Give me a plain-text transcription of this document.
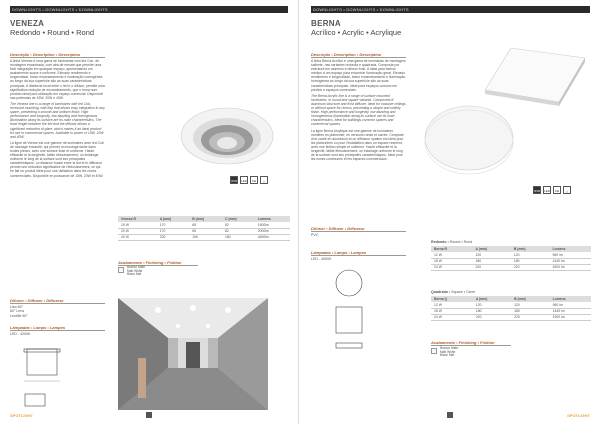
DOWNLIGHTS • DOWNLIGHTS • DOWNLIGHTS
VENEZA
Redondo • Round • Rond
Descrição • Description • Description

A linha Veneza é uma gama de luminárias com led Cob, de montagem encastrada, com aba de remate que permite uma fácil integração em qualquer espaço, apresentando um acabamento suave e uniforme. Elevado rendimento e longevidade, baixo encandeamento e iluminação homogénea ao longo da sua superfície são as suas características principais. A distância focal entre o led e o difusor, permite uma significativa redução de encandeamento, que o torna num produto ideal para utilização em espaço comercial. Disponível nas potências de 15W, 20W e 40W.

The Veneza line is a range of luminaires with led Cob, recessed mounting, with flap that allows easy integration in any space, presenting a smooth and uniform finish. High performance and longevity, low dazzling and homogenous illumination along its surface are its main characteristics. The focal length between the led and the diffuser allows a significant reduction of glare, which makes it an ideal product for use in commercial spaces. Available in power of 15W, 20W and 40W.

La ligne de Venise est une gamme de luminaires avec led Cob de montage encastré, qui permet un montage facile dans toutes pièces, avec une surface lisse et uniforme. Haute efficacité et la longévité, faible éblouissement, un éclairage uniforme le long de la surface sont ses principales caractéristiques. La distance focale entre la led et le diffuseur permet une réduction significative de l'éblouissement, ce qui en fait un produit idéal pour une utilisation dans les zones commerciales. Disponible en puissance de 15W, 20W et 40W.

Difusor • Diffuser • Diffuseur
Liso 60°
60° Lens
Lentille 60°
Lâmpadas • Lamps • Lampes
LED - 4200K
IP20	LED	CE	△
Veneza R	A (mm)	B (mm)	C (mm)	Lumens
15 W	170	65	82	1500lm
20 W	170	65	82	2000lm
40 W	230	106	180	4400lm
Acabamento • Finishing • Finition
Branco Mate
Matt White
Blanc Mat
SPOTLIGHT
DOWNLIGHTS • DOWNLIGHTS • DOWNLIGHTS
BERNA
Acrílico • Acrylic • Acrylique
Descrição • Description • Description

A linha Berna Acrílico é uma gama de luminárias de montagem saliente, nas variantes redonda e quadrada. Composta por estrutura em alumínio e difusor frost. A ideal para fachos médios a um espaço para encontrar iluminação geral. Elevado rendimento e longevidade, baixo encandeamento e iluminação homogénea ao longo da sua superfície são as suas características principais. Ideal para espaços comuns em prédios e espaços comerciais.

The Berna Acrylic line is a range of surface mounted luminaires, in round and square variants. Composed of aluminum structure and frost diffuser. Ideal for massive ceilings or without space for recess, presenting a simple and orderly finish. High performance and longevity, low dazzling and homogeneous illumination along its surface are its main characteristics. Ideal for buildings common spaces and commercial spaces.

La ligne Berna Acrylique est une gamme de luminaires montées en plafonnier, en versions ronde et carrée. Composé d'un cadre en aluminium et un diffuseur opaline est idéal pour les plafonniers ou pour l'installation dans un espace restreint, avec une finition simple et uniforme. Haute efficacité et la longévité, faible éblouissement, un éclairage uniforme le long de la surface sont ses principales caractéristiques. Idéal pour les zones communes et les espaces commerciaux.

Difusor • Diffuser • Diffuseur
PVC
Lâmpadas • Lamps • Lampes
LED - 4000K
IP20	LED	CE	△
Redondo • Round • Rond
Berna R	A (mm)	B (mm)	Lumens
12 W	120	120	960 lm
18 W	180	180	1440 lm
24 W	220	220	1900 lm
Quadrado • Square • Carré
Berna Q	A (mm)	B (mm)	Lumens
12 W	120	120	960 lm
18 W	180	180	1440 lm
24 W	220	220	1900 lm
Acabamento • Finishing • Finition
Branco Mate
Matt White
Blanc Mat
SPOTLIGHT
